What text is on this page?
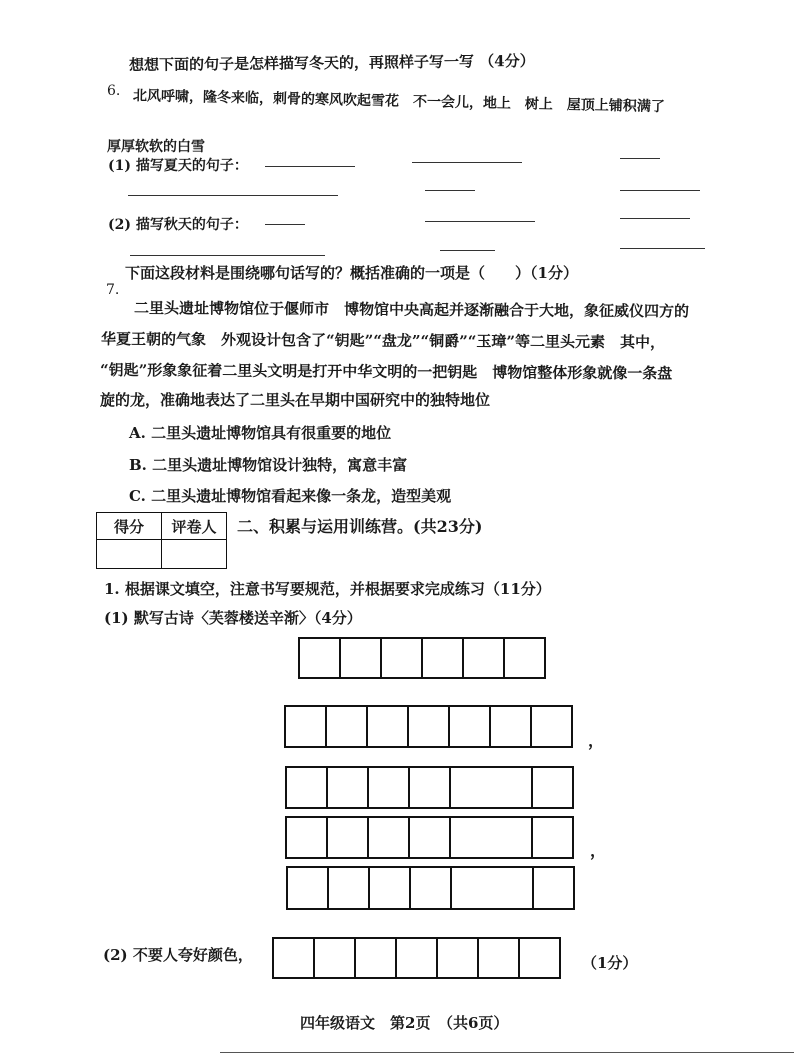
6.
想想下面的句子是怎样描写冬天的，再照样子写一写 （4分）
北风呼啸，隆冬来临，刺骨的寒风吹起雪花　不一会儿，地上　树上　屋顶上铺积满了
厚厚软软的白雪
(1) 描写夏天的句子：
(2) 描写秋天的句子：
7.
下面这段材料是围绕哪句话写的？概括准确的一项是（　　）（1分）
二里头遗址博物馆位于偃师市　博物馆中央高起并逐渐融合于大地，象征威仪四方的
华夏王朝的气象　外观设计包含了“钥匙”“盘龙”“铜爵”“玉璋”等二里头元素　其中，
“钥匙”形象象征着二里头文明是打开中华文明的一把钥匙　博物馆整体形象就像一条盘
旋的龙，准确地表达了二里头在早期中国研究中的独特地位
A. 二里头遗址博物馆具有很重要的地位
B. 二里头遗址博物馆设计独特，寓意丰富
C. 二里头遗址博物馆看起来像一条龙，造型美观
得分	评卷人
	二、积累与运用训练营。(共23分)
1. 根据课文填空，注意书写要规范，并根据要求完成练习（11分）
(1) 默写古诗〈芙蓉楼送辛渐〉（4分）
，
，
(2) 不要人夸好颜色，	（1分）
四年级语文　第2页　（共6页）
